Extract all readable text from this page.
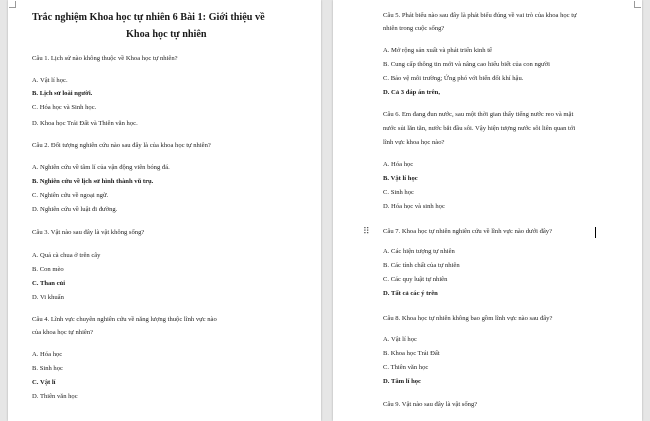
Trắc nghiệm Khoa học tự nhiên 6 Bài 1: Giới thiệu về
Khoa học tự nhiên
Câu 1. Lịch sử nào không thuộc về Khoa học tự nhiên?
A. Vật lí học.
B. Lịch sử loài người.
C. Hóa học và Sinh học.
D. Khoa học Trái Đất và Thiên văn học.
Câu 2. Đối tượng nghiên cứu nào sau đây là của khoa học tự nhiên?
A. Nghiên cứu về tâm lí của vận động viên bóng đá.
B. Nghiên cứu về lịch sử hình thành vũ trụ.
C. Nghiên cứu về ngoại ngữ.
D. Nghiên cứu về luật đi đường.
Câu 3. Vật nào sau đây là vật không sống?
A. Quả cà chua ở trên cây
B. Con mèo
C. Than củi
D. Vi khuẩn
Câu 4. Lĩnh vực chuyên nghiên cứu về năng lượng thuộc lĩnh vực nào
của khoa học tự nhiên?
A. Hóa học
B. Sinh học
C. Vật lí
D. Thiên văn học
Câu 5. Phát biểu nào sau đây là phát biểu đúng về vai trò của khoa học tự
nhiên trong cuộc sống?
A. Mở rộng sản xuất và phát triển kinh tế
B. Cung cấp thông tin mới và nâng cao hiểu biết của con người
C. Bảo vệ môi trường; Ứng phó với biến đổi khí hậu.
D. Cả 3 đáp án trên,
Câu 6. Em đang đun nước, sau một thời gian thấy tiếng nước reo và mặt
nước sủi lăn tăn, nước bắt đầu sôi. Vậy hiện tượng nước sôi liên quan tới
lĩnh vực khoa học nào?
A. Hóa học
B. Vật lí học
C. Sinh học
D. Hóa học và sinh học
Câu 7. Khoa học tự nhiên nghiên cứu về lĩnh vực nào dưới đây?
A. Các hiện tượng tự nhiên
B. Các tính chất của tự nhiên
C. Các quy luật tự nhiên
D. Tất cả các ý trên
Câu 8. Khoa học tự nhiên không bao gồm lĩnh vực nào sau đây?
A. Vật lí học
B. Khoa học Trái Đất
C. Thiên văn học
D. Tâm lí học
Câu 9. Vật nào sau đây là vật sống?
⠿
